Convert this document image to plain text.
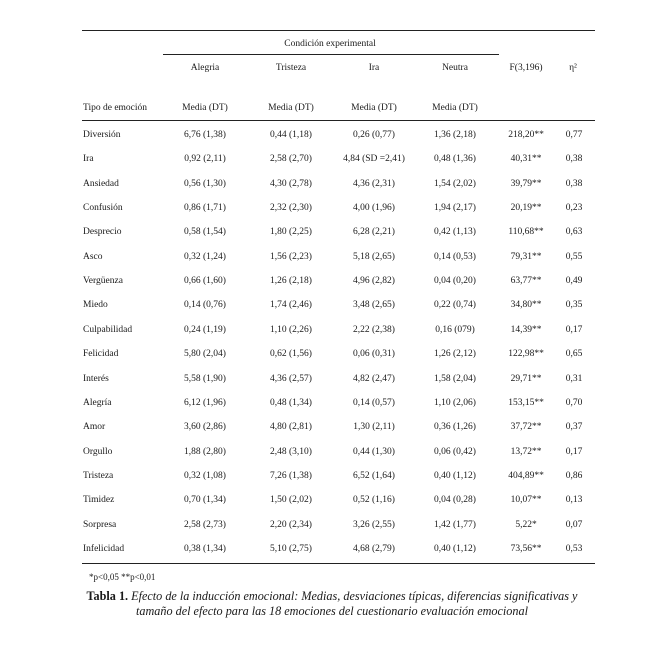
Condición experimental
Alegria	Tristeza	Ira	Neutra	F(3,196)	η²
Tipo de emoción	Media (DT)	Media (DT)	Media (DT)	Media (DT)
Diversión	6,76 (1,38)	0,44 (1,18)	0,26 (0,77)	1,36 (2,18)	218,20** 0,77
Ira	0,92 (2,11)	2,58 (2,70)	4,84 (SD =2,41)	0,48 (1,36)	40,31**	0,38
Ansiedad	0,56 (1,30)	4,30 (2,78)	4,36 (2,31)	1,54 (2,02)	39,79**	0,38
Confusión	0,86 (1,71)	2,32 (2,30)	4,00 (1,96)	1,94 (2,17)	20,19**	0,23
Desprecio	0,58 (1,54)	1,80 (2,25)	6,28 (2,21)	0,42 (1,13)	110,68** 0,63
Asco	0,32 (1,24)	1,56 (2,23)	5,18 (2,65)	0,14 (0,53)	79,31**	0,55
Vergüenza	0,66 (1,60)	1,26 (2,18)	4,96 (2,82)	0,04 (0,20)	63,77**	0,49
Miedo	0,14 (0,76)	1,74 (2,46)	3,48 (2,65)	0,22 (0,74)	34,80**	0,35
Culpabilidad	0,24 (1,19)	1,10 (2,26)	2,22 (2,38)	0,16 (079)	14,39**	0,17
Felicidad	5,80 (2,04)	0,62 (1,56)	0,06 (0,31)	1,26 (2,12)	122,98** 0,65
Interés	5,58 (1,90)	4,36 (2,57)	4,82 (2,47)	1,58 (2,04)	29,71**	0,31
Alegría	6,12 (1,96)	0,48 (1,34)	0,14 (0,57)	1,10 (2,06)	153,15** 0,70
Amor	3,60 (2,86)	4,80 (2,81)	1,30 (2,11)	0,36 (1,26)	37,72**	0,37
Orgullo	1,88 (2,80)	2,48 (3,10)	0,44 (1,30)	0,06 (0,42)	13,72**	0,17
Tristeza	0,32 (1,08)	7,26 (1,38)	6,52 (1,64)	0,40 (1,12)	404,89** 0,86
Timidez	0,70 (1,34)	1,50 (2,02)	0,52 (1,16)	0,04 (0,28)	10,07**	0,13
Sorpresa	2,58 (2,73)	2,20 (2,34)	3,26 (2,55)	1,42 (1,77)	5,22*	0,07
Infelicidad	0,38 (1,34)	5,10 (2,75)	4,68 (2,79)	0,40 (1,12)	73,56**	0,53
*p<0,05 **p<0,01
Tabla 1. Efecto de la inducción emocional: Medias, desviaciones típicas, diferencias significativas y tamaño del efecto para las 18 emociones del cuestionario evaluación emocional
